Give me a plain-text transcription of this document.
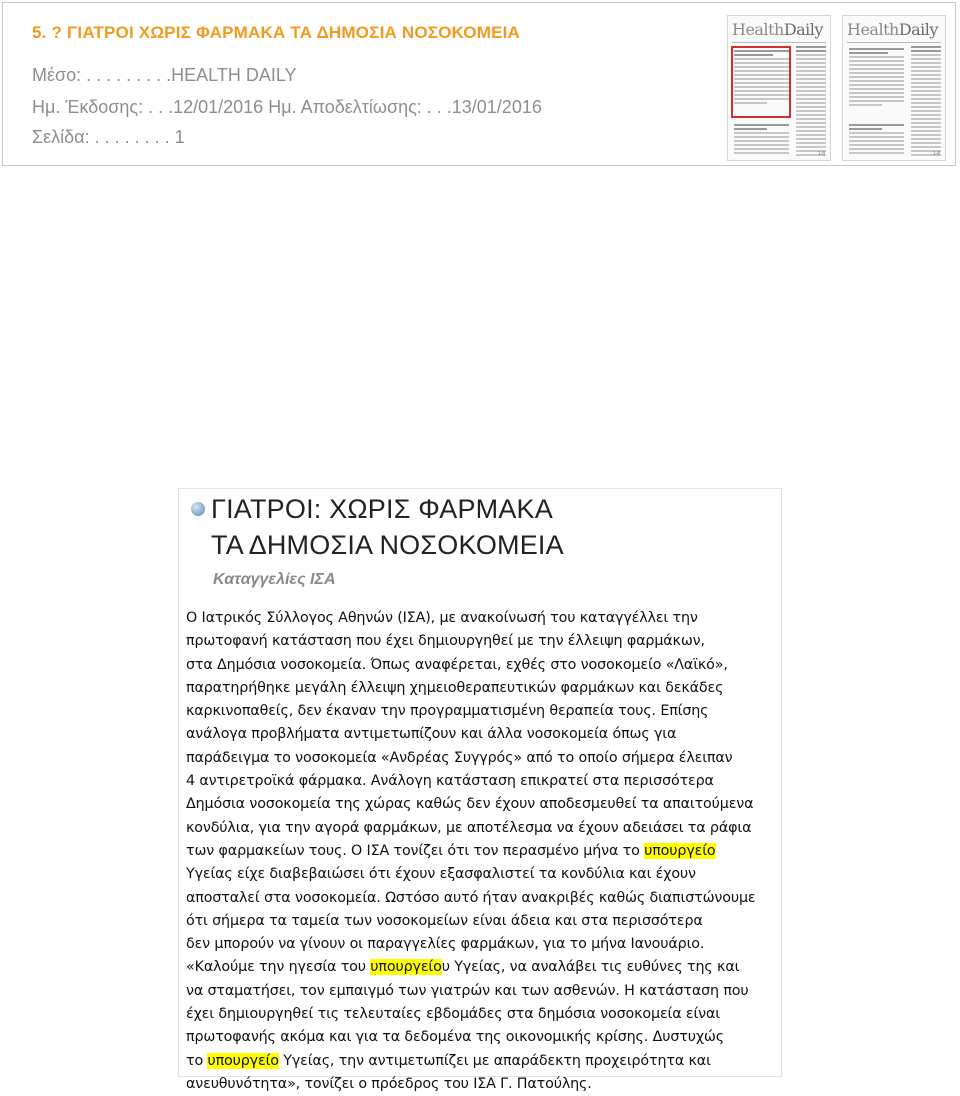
5. ? ΓΙΑΤΡΟΙ ΧΩΡΙΣ ΦΑΡΜΑΚΑ ΤΑ ΔΗΜΟΣΙΑ ΝΟΣΟΚΟΜΕΙΑ
Μέσο: . . . . . . . . .HEALTH DAILY
Ημ. Έκδοσης: . . .12/01/2016 Ημ. Αποδελτίωσης: . . .13/01/2016
Σελίδα: . . . . . . . . 1
HealthDaily
1-8
HealthDaily
1-8
ΓΙΑΤΡΟΙ: ΧΩΡΙΣ ΦΑΡΜΑΚΑ
ΤΑ ΔΗΜΟΣΙΑ ΝΟΣΟΚΟΜΕΙΑ
Καταγγελίες ΙΣΑ
Ο Ιατρικός Σύλλογος Αθηνών (ΙΣΑ), με ανακοίνωσή του καταγγέλλει την
πρωτοφανή κατάσταση που έχει δημιουργηθεί με την έλλειψη φαρμάκων,
στα Δημόσια νοσοκομεία. Όπως αναφέρεται, εχθές στο νοσοκομείο «Λαϊκό»,
παρατηρήθηκε μεγάλη έλλειψη χημειοθεραπευτικών φαρμάκων και δεκάδες
καρκινοπαθείς, δεν έκαναν την προγραμματισμένη θεραπεία τους. Επίσης
ανάλογα προβλήματα αντιμετωπίζουν και άλλα νοσοκομεία όπως για
παράδειγμα το νοσοκομεία «Ανδρέας Συγγρός» από το οποίο σήμερα έλειπαν
4 αντιρετροϊκά φάρμακα. Ανάλογη κατάσταση επικρατεί στα περισσότερα
Δημόσια νοσοκομεία της χώρας καθώς δεν έχουν αποδεσμευθεί τα απαιτούμενα
κονδύλια, για την αγορά φαρμάκων, με αποτέλεσμα να έχουν αδειάσει τα ράφια
των φαρμακείων τους. Ο ΙΣΑ τονίζει ότι τον περασμένο μήνα το υπουργείο
Υγείας είχε διαβεβαιώσει ότι έχουν εξασφαλιστεί τα κονδύλια και έχουν
αποσταλεί στα νοσοκομεία. Ωστόσο αυτό ήταν ανακριβές καθώς διαπιστώνουμε
ότι σήμερα τα ταμεία των νοσοκομείων είναι άδεια και στα περισσότερα
δεν μπορούν να γίνουν οι παραγγελίες φαρμάκων, για το μήνα Ιανουάριο.
«Καλούμε την ηγεσία του υπουργείου Υγείας, να αναλάβει τις ευθύνες της και
να σταματήσει, τον εμπαιγμό των γιατρών και των ασθενών. Η κατάσταση που
έχει δημιουργηθεί τις τελευταίες εβδομάδες στα δημόσια νοσοκομεία είναι
πρωτοφανής ακόμα και για τα δεδομένα της οικονομικής κρίσης. Δυστυχώς
το υπουργείο Υγείας, την αντιμετωπίζει με απαράδεκτη προχειρότητα και
ανευθυνότητα», τονίζει ο πρόεδρος του ΙΣΑ Γ. Πατούλης.
